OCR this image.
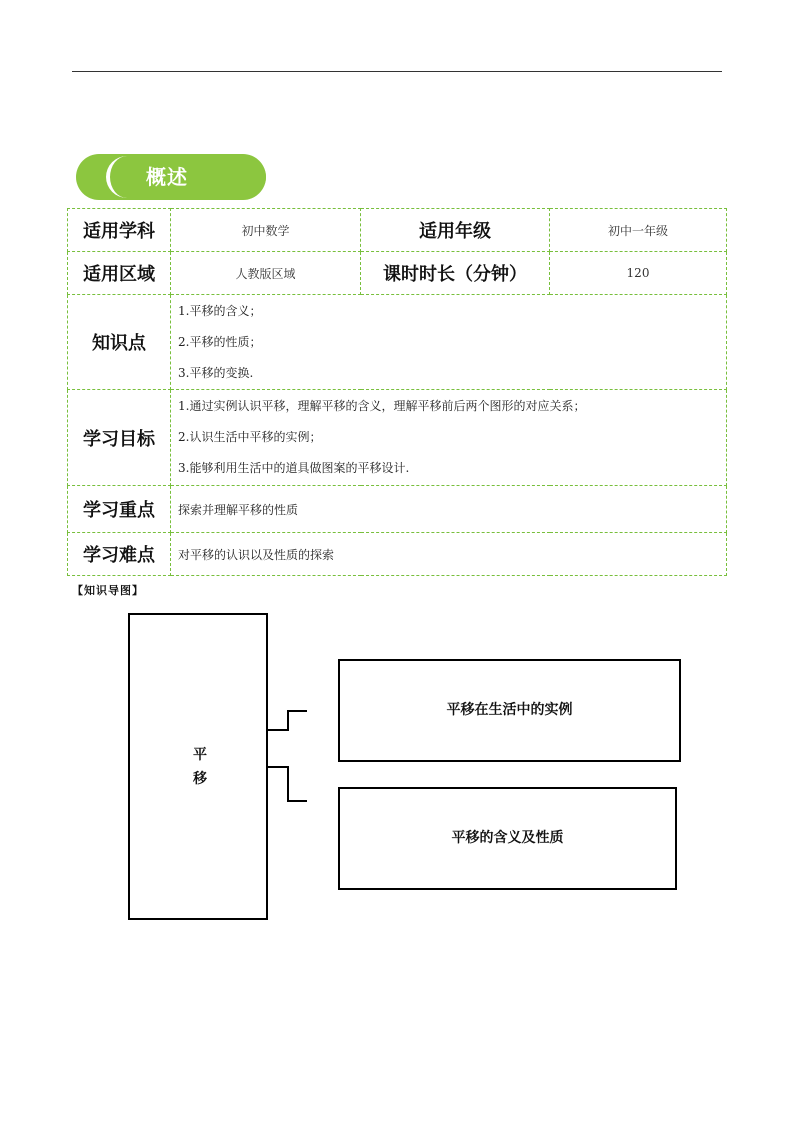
概述
适用学科	初中数学	适用年级	初中一年级
适用区域	人教版区域	课时时长（分钟）	120
知识点	1.平移的含义；
2.平移的性质；
3.平移的变换.		

学习目标	1.通过实例认识平移，理解平移的含义，理解平移前后两个图形的对应关系；
2.认识生活中平移的实例；
3.能够利用生活中的道具做图案的平移设计.		

学习重点	探索并理解平移的性质		
学习难点	对平移的认识以及性质的探索		
【知识导图】
平
移
平移在生活中的实例
平移的含义及性质
